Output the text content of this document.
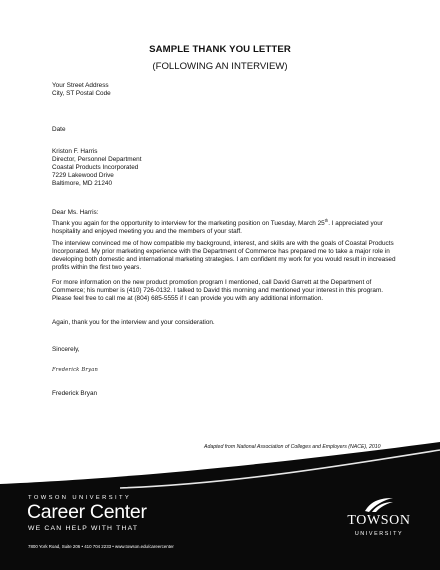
SAMPLE THANK YOU LETTER
(FOLLOWING AN INTERVIEW)

Your Street Address

City, ST Postal Code

Date

Kriston F. Harris

Director, Personnel Department

Coastal Products Incorporated

7229 Lakewood Drive

Baltimore, MD 21240

Dear Ms. Harris:
Thank you again for the opportunity to interview for the marketing position on Tuesday, March 25th. I appreciated your hospitality and enjoyed meeting you and the members of your staff.
The interview convinced me of how compatible my background, interest, and skills are with the goals of Coastal Products Incorporated. My prior marketing experience with the Department of Commerce has prepared me to take a major role in developing both domestic and international marketing strategies. I am confident my work for you would result in increased profits within the first two years.
For more information on the new product promotion program I mentioned, call David Garrett at the Department of Commerce; his number is (410) 726-0132. I talked to David this morning and mentioned your interest in this program. Please feel free to call me at (804) 685-5555 if I can provide you with any additional information.
Again, thank you for the interview and your consideration.
Sincerely,
Frederick Bryan
Frederick Bryan
Adapted from National Association of Colleges and Employers (NACE), 2010
TOWSON UNIVERSITY
Career Center
WE CAN HELP WITH THAT
7800 York Road, Suite 206 • 410 704 2233 • www.towson.edu/careercenter
TOWSON
UNIVERSITY
